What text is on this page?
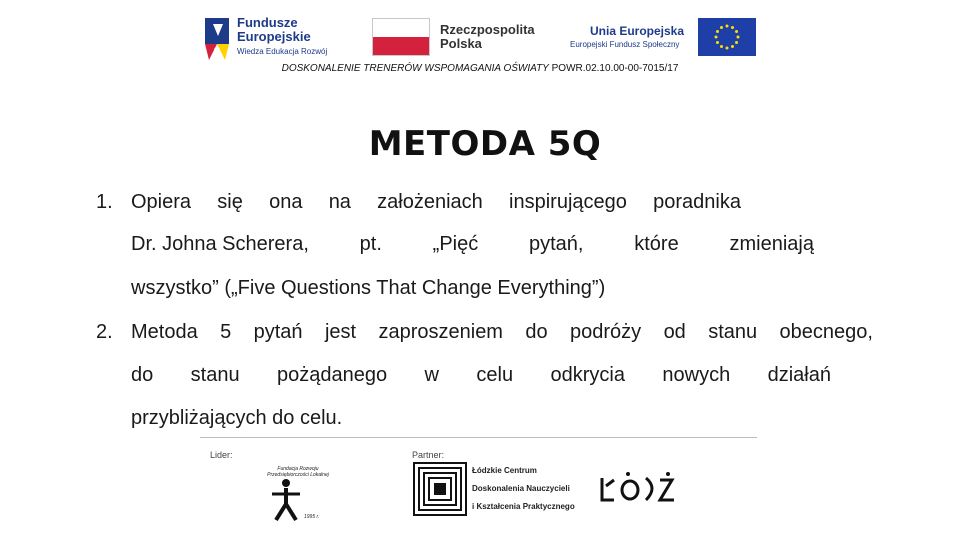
Fundusze
Europejskie
Wiedza Edukacja Rozwój
Rzeczpospolita
Polska
Unia Europejska
Europejski Fundusz Społeczny
DOSKONALENIE TRENERÓW WSPOMAGANIA OŚWIATY POWR.02.10.00-00-7015/17
METODA 5Q
1. Opiera się ona na założeniach inspirującego poradnika
Dr. Johna Scherera,	pt.	„Pięć	pytań,	które	zmieniają
wszystko” („Five Questions That Change Everything”)
2. Metoda 5 pytań jest zaproszeniem do podróży od stanu obecnego,
do stanu pożądanego w celu odkrycia nowych działań
przybliżających do celu.
Lider:	Partner:
Fundacja Rozwoju Przedsiębiorczości Lokalnej
1995 r.
Łódzkie Centrum
Doskonalenia Nauczycieli
i Kształcenia Praktycznego
